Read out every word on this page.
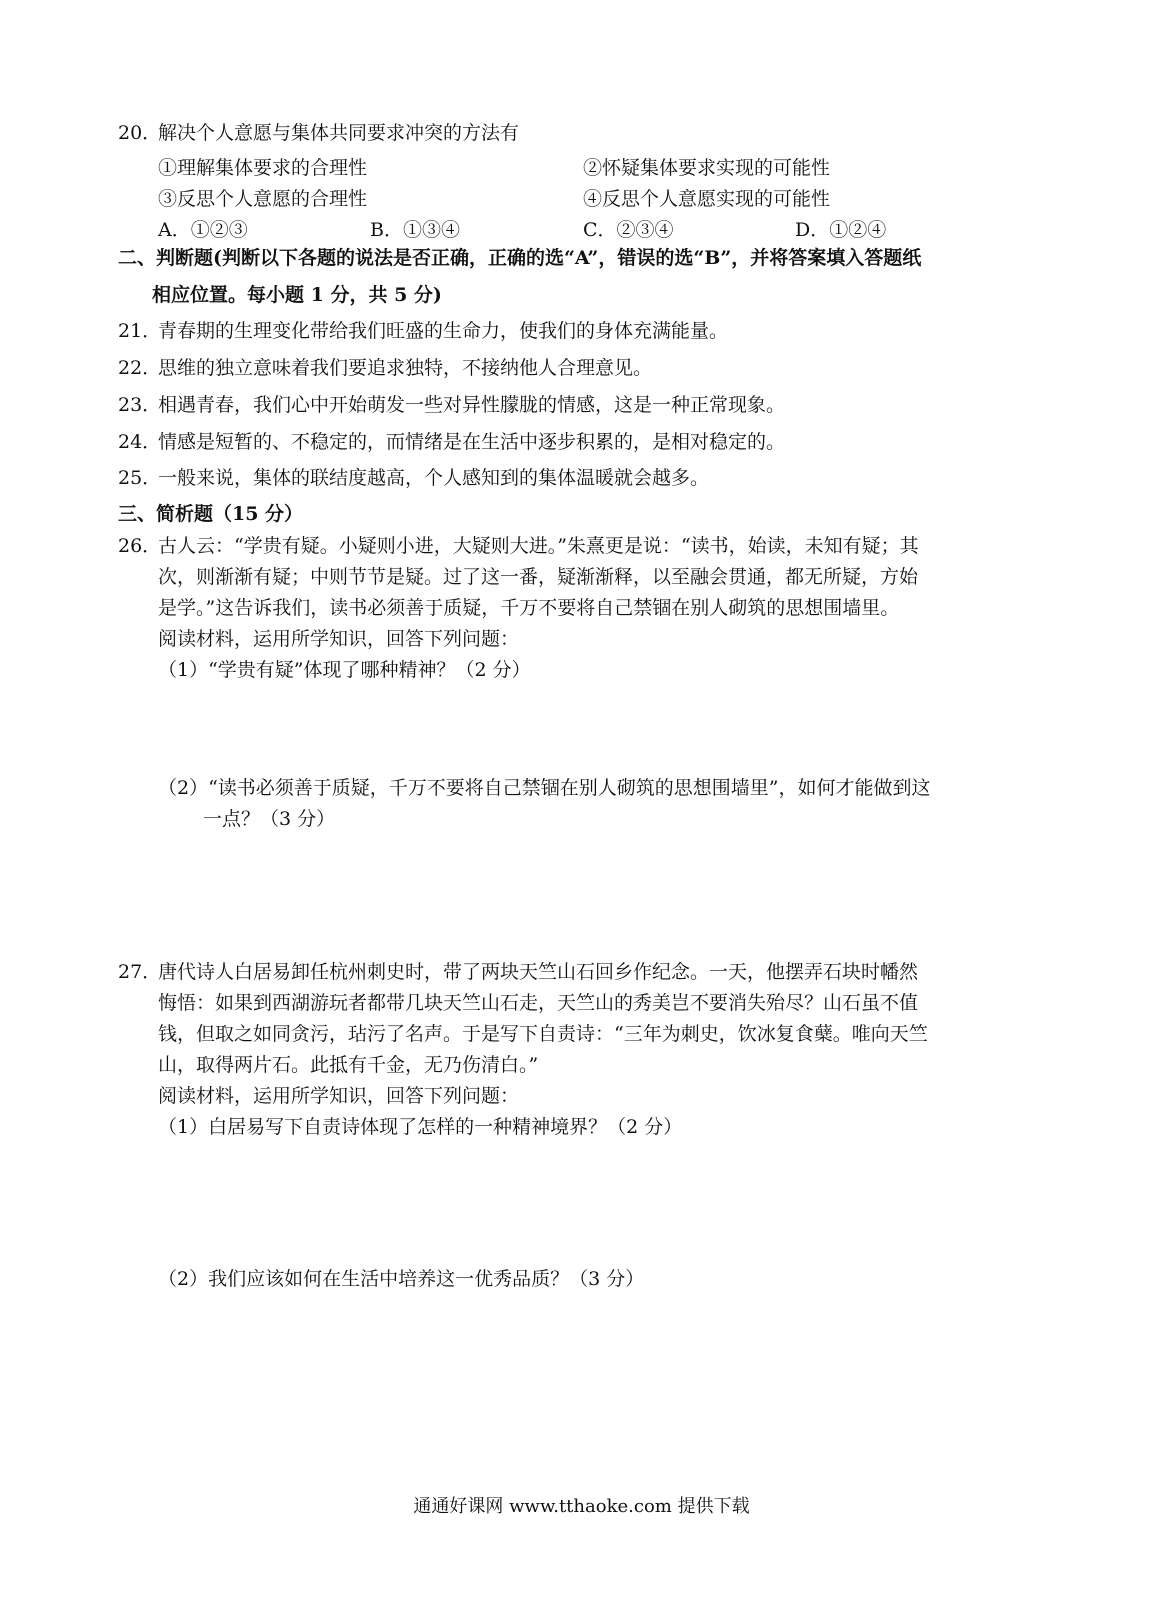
20．解决个人意愿与集体共同要求冲突的方法有
①理解集体要求的合理性	②怀疑集体要求实现的可能性
③反思个人意愿的合理性	④反思个人意愿实现的可能性
A．①②③	B．①③④	C．②③④	D．①②④
二、判断题(判断以下各题的说法是否正确，正确的选“A”，错误的选“B”，并将答案填入答题纸
相应位置。每小题 1 分，共 5 分)
21．青春期的生理变化带给我们旺盛的生命力，使我们的身体充满能量。
22．思维的独立意味着我们要追求独特，不接纳他人合理意见。
23．相遇青春，我们心中开始萌发一些对异性朦胧的情感，这是一种正常现象。
24．情感是短暂的、不稳定的，而情绪是在生活中逐步积累的，是相对稳定的。
25．一般来说，集体的联结度越高，个人感知到的集体温暖就会越多。
三、简析题（15 分）
26．古人云：“学贵有疑。小疑则小进，大疑则大进。”朱熹更是说：“读书，始读，未知有疑；其
次，则渐渐有疑；中则节节是疑。过了这一番，疑渐渐释，以至融会贯通，都无所疑，方始
是学。”这告诉我们，读书必须善于质疑，千万不要将自己禁锢在别人砌筑的思想围墙里。
阅读材料，运用所学知识，回答下列问题：
（1）“学贵有疑”体现了哪种精神？（2 分）
（2）“读书必须善于质疑，千万不要将自己禁锢在别人砌筑的思想围墙里”，如何才能做到这
一点？（3 分）
27．唐代诗人白居易卸任杭州刺史时，带了两块天竺山石回乡作纪念。一天，他摆弄石块时幡然
悔悟：如果到西湖游玩者都带几块天竺山石走，天竺山的秀美岂不要消失殆尽？山石虽不值
钱，但取之如同贪污，玷污了名声。于是写下自责诗：“三年为刺史，饮冰复食蘖。唯向天竺
山，取得两片石。此抵有千金，无乃伤清白。”
阅读材料，运用所学知识，回答下列问题：
（1）白居易写下自责诗体现了怎样的一种精神境界？（2 分）
（2）我们应该如何在生活中培养这一优秀品质？（3 分）
通通好课网 www.tthaoke.com 提供下载
